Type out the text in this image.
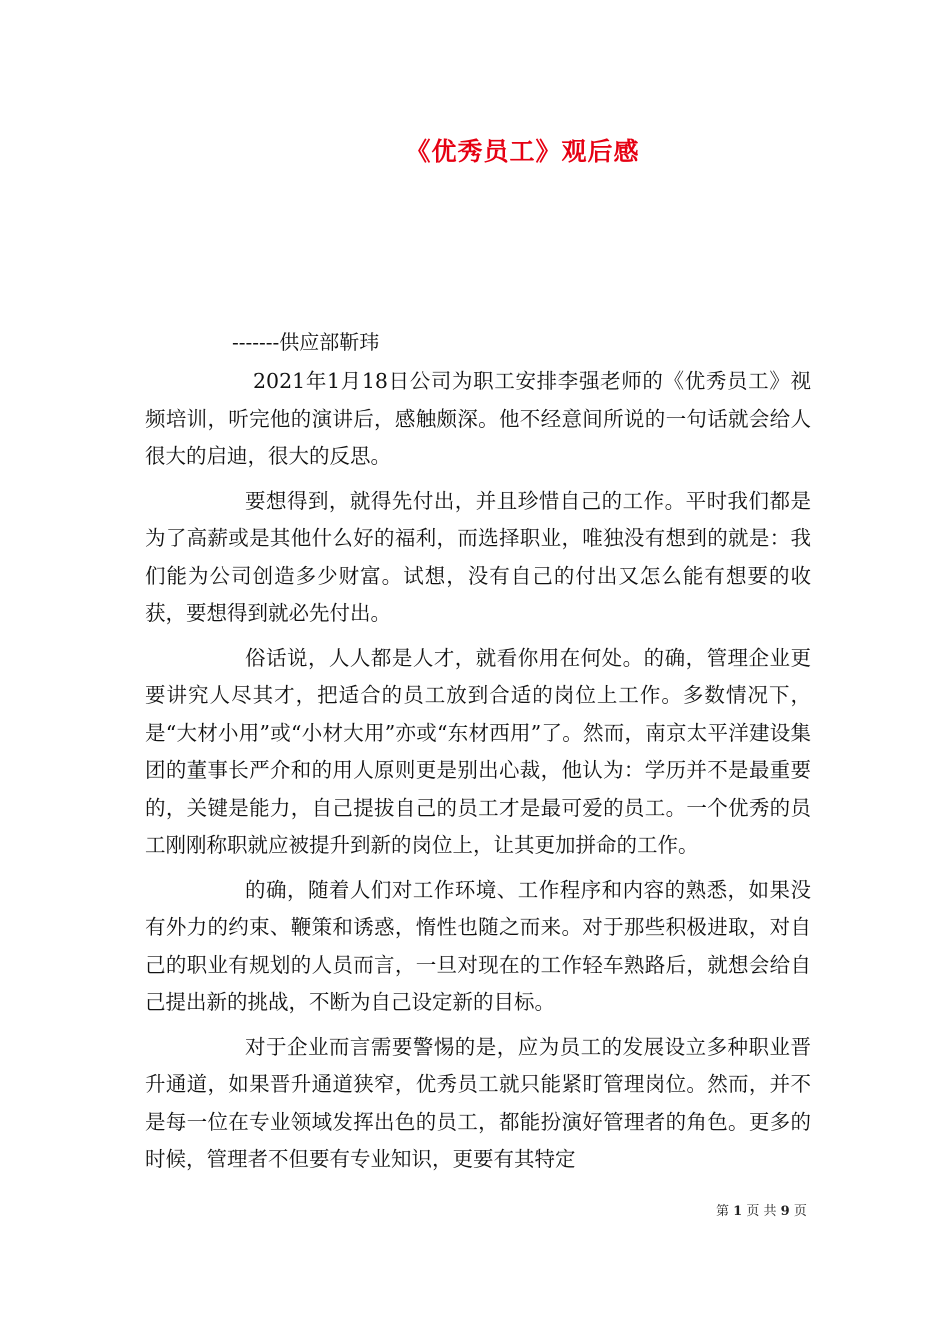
《优秀员工》观后感
-------供应部靳玮

2021年1月18日公司为职工安排李强老师的《优秀员工》视频培训，听完他的演讲后，感触颇深。他不经意间所说的一句话就会给人很大的启迪，很大的反思。

要想得到，就得先付出，并且珍惜自己的工作。平时我们都是为了高薪或是其他什么好的福利，而选择职业，唯独没有想到的就是：我们能为公司创造多少财富。试想，没有自己的付出又怎么能有想要的收获，要想得到就必先付出。

俗话说，人人都是人才，就看你用在何处。的确，管理企业更要讲究人尽其才，把适合的员工放到合适的岗位上工作。多数情况下，是“大材小用”或“小材大用”亦或“东材西用”了。然而，南京太平洋建设集团的董事长严介和的用人原则更是别出心裁，他认为：学历并不是最重要的，关键是能力，自己提拔自己的员工才是最可爱的员工。一个优秀的员工刚刚称职就应被提升到新的岗位上，让其更加拼命的工作。

的确，随着人们对工作环境、工作程序和内容的熟悉，如果没有外力的约束、鞭策和诱惑，惰性也随之而来。对于那些积极进取，对自己的职业有规划的人员而言，一旦对现在的工作轻车熟路后，就想会给自己提出新的挑战，不断为自己设定新的目标。

对于企业而言需要警惕的是，应为员工的发展设立多种职业晋升通道，如果晋升通道狭窄，优秀员工就只能紧盯管理岗位。然而，并不是每一位在专业领域发挥出色的员工，都能扮演好管理者的角色。更多的时候，管理者不但要有专业知识，更要有其特定

第 1 页 共 9 页
